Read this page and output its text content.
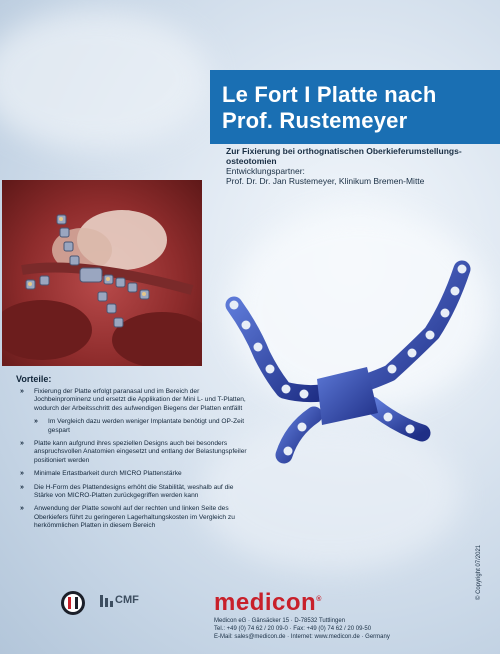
Le Fort I Platte nach
Prof. Rustemeyer
Zur Fixierung bei orthognatischen Oberkieferumstellungs-osteotomien
Entwicklungspartner:
Prof. Dr. Dr. Jan Rustemeyer, Klinikum Bremen-Mitte
Vorteile:
» Fixierung der Platte erfolgt paranasal und im Bereich der Jochbeinprominenz und ersetzt die Applikation der Mini L- und T-Platten, wodurch der Arbeitsschritt des aufwendigen Biegens der Platten entfällt
» Im Vergleich dazu werden weniger Implantate benötigt und OP-Zeit gespart
» Platte kann aufgrund ihres speziellen Designs auch bei besonders anspruchsvollen Anatomien eingesetzt und entlang der Belastungspfeiler positioniert werden
» Minimale Ertastbarkeit durch MICRO Plattenstärke
» Die H-Form des Plattendesigns erhöht die Stabilität, weshalb auf die Stärke von MICRO-Platten zurückgegriffen werden kann
» Anwendung der Platte sowohl auf der rechten und linken Seite des Oberkiefers führt zu geringeren Lagerhaltungskosten im Vergleich zu herkömmlichen Platten in diesem Bereich
© Copyright 07/2021
CMF	medicon®
Medicon eG · Gänsäcker 15 · D-78532 Tuttlingen
Tel.: +49 (0) 74 62 / 20 09-0 · Fax: +49 (0) 74 62 / 20 09-50
E-Mail: sales@medicon.de · Internet: www.medicon.de · Germany
